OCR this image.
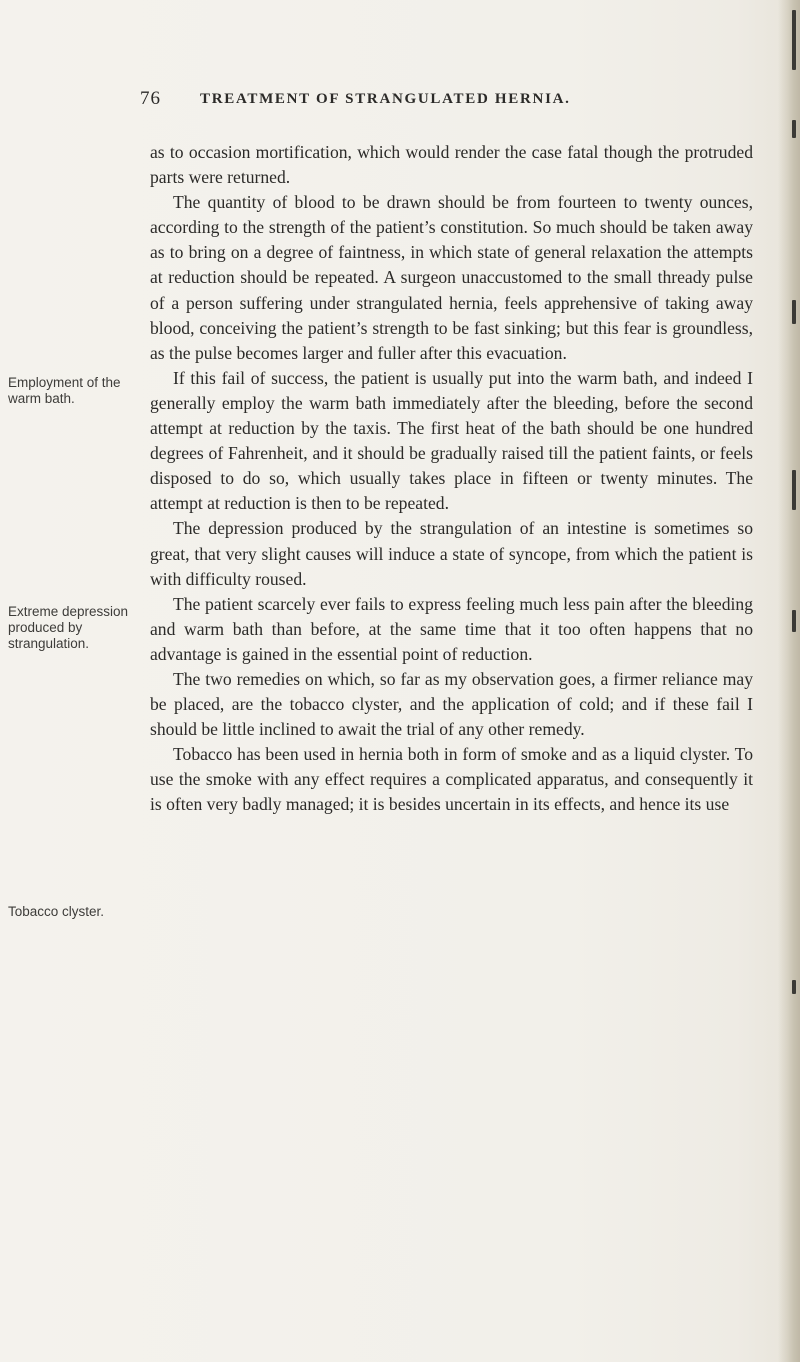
76	TREATMENT OF STRANGULATED HERNIA.
Employment of the warm bath.
Extreme depression produced by strangulation.
Tobacco clyster.

as to occasion mortification, which would render the case fatal though the protruded parts were returned.

The quantity of blood to be drawn should be from fourteen to twenty ounces, according to the strength of the patient’s constitution. So much should be taken away as to bring on a degree of faintness, in which state of general relaxation the attempts at reduction should be repeated. A surgeon unaccustomed to the small thready pulse of a person suffering under strangulated hernia, feels apprehensive of taking away blood, conceiving the patient’s strength to be fast sinking; but this fear is groundless, as the pulse becomes larger and fuller after this evacuation.

If this fail of success, the patient is usually put into the warm bath, and indeed I generally employ the warm bath immediately after the bleeding, before the second attempt at reduction by the taxis. The first heat of the bath should be one hundred degrees of Fahrenheit, and it should be gradually raised till the patient faints, or feels disposed to do so, which usually takes place in fifteen or twenty minutes. The attempt at reduction is then to be repeated.

The depression produced by the strangulation of an intestine is sometimes so great, that very slight causes will induce a state of syncope, from which the patient is with difficulty roused.

The patient scarcely ever fails to express feeling much less pain after the bleeding and warm bath than before, at the same time that it too often happens that no advantage is gained in the essential point of reduction.

The two remedies on which, so far as my observation goes, a firmer reliance may be placed, are the tobacco clyster, and the application of cold; and if these fail I should be little inclined to await the trial of any other remedy.

Tobacco has been used in hernia both in form of smoke and as a liquid clyster. To use the smoke with any effect requires a complicated apparatus, and consequently it is often very badly managed; it is besides uncertain in its effects, and hence its use
